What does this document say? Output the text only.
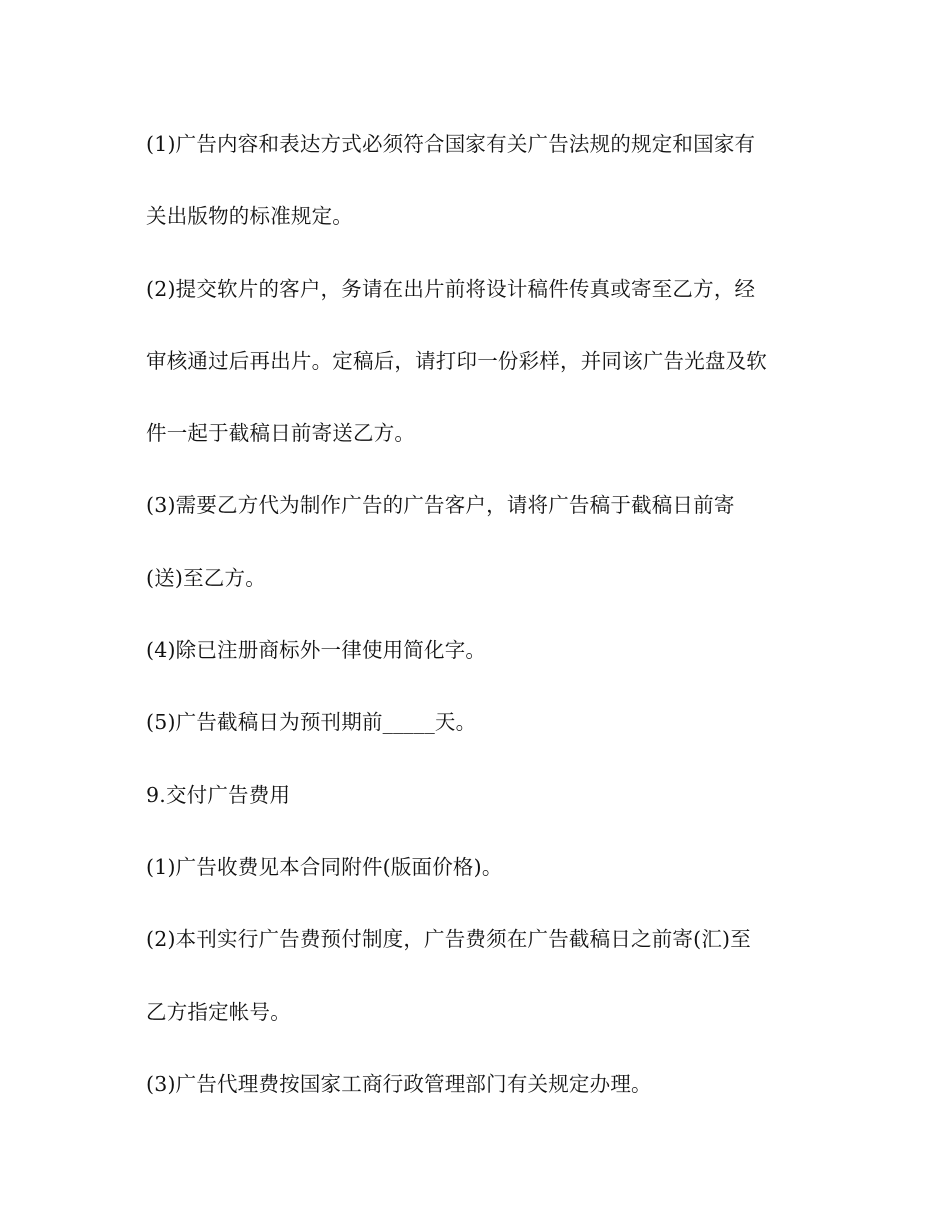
(1)广告内容和表达方式必须符合国家有关广告法规的规定和国家有

关出版物的标准规定。

(2)提交软片的客户，务请在出片前将设计稿件传真或寄至乙方，经

审核通过后再出片。定稿后，请打印一份彩样，并同该广告光盘及软

件一起于截稿日前寄送乙方。

(3)需要乙方代为制作广告的广告客户，请将广告稿于截稿日前寄

(送)至乙方。

(4)除已注册商标外一律使用简化字。

(5)广告截稿日为预刊期前_____天。

9.交付广告费用

(1)广告收费见本合同附件(版面价格)。

(2)本刊实行广告费预付制度，广告费须在广告截稿日之前寄(汇)至

乙方指定帐号。

(3)广告代理费按国家工商行政管理部门有关规定办理。
